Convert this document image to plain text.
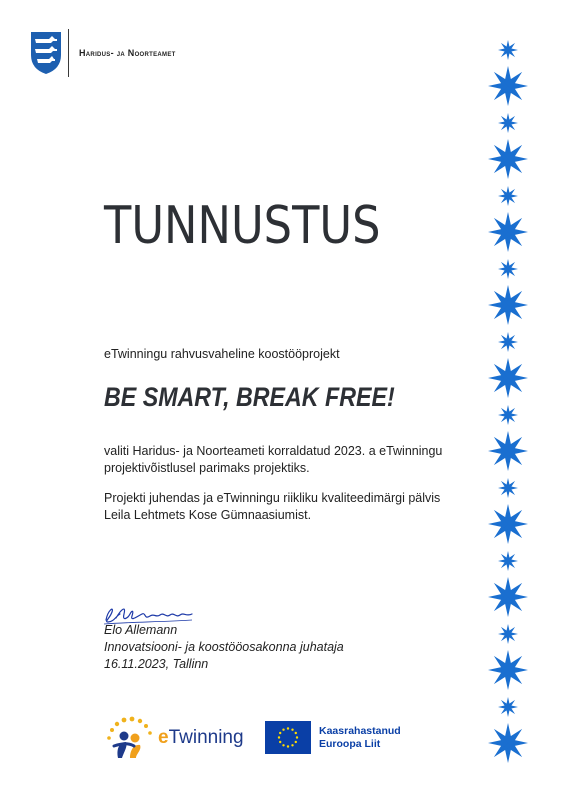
Haridus- ja Noorteamet
TUNNUSTUS
eTwinningu rahvusvaheline koostööprojekt
BE SMART, BREAK FREE!
valiti Haridus- ja Noorteameti korraldatud 2023. a eTwinningu
projektivõistlusel parimaks projektiks.
Projekti juhendas ja eTwinningu riikliku kvaliteedimärgi pälvis
Leila Lehtmets Kose Gümnaasiumist.
Elo Allemann
Innovatsiooni- ja koostööosakonna juhataja
16.11.2023, Tallinn
eTwinning	Kaasrahastanud
Euroopa Liit
